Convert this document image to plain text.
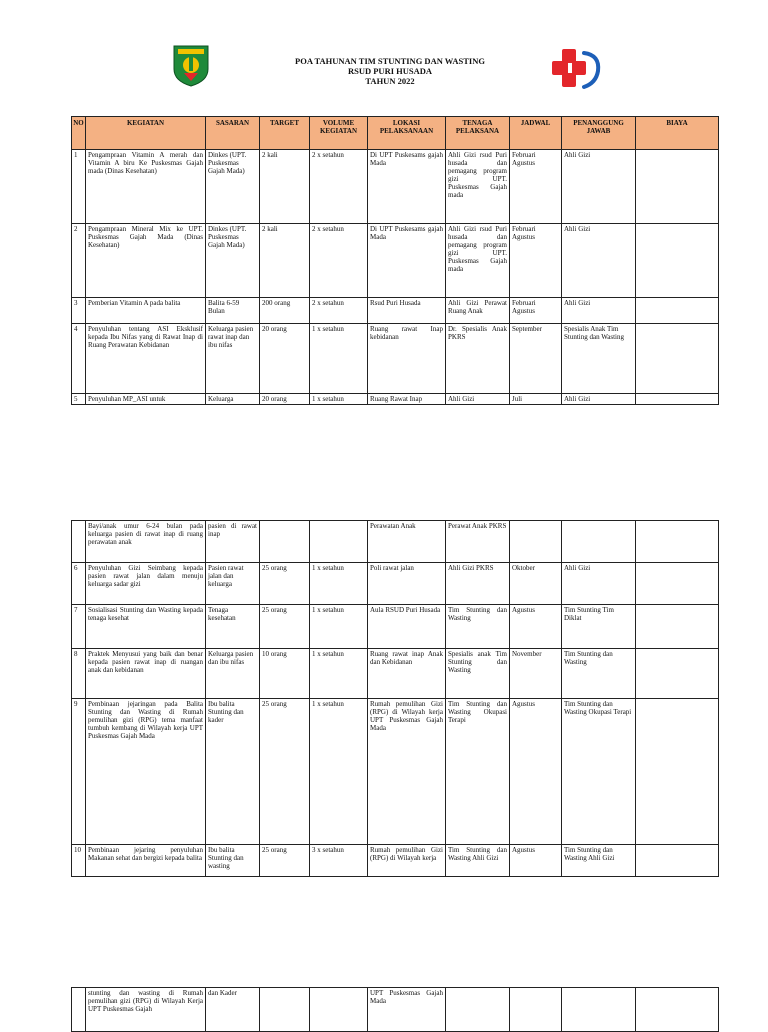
POA TAHUNAN TIM STUNTING DAN WASTING
RSUD PURI HUSADA
TAHUN 2022
NO	KEGIATAN	SASARAN	TARGET	VOLUME KEGIATAN	LOKASI PELAKSANAAN	TENAGA PELAKSANA	JADWAL	PENANGGUNG JAWAB	BIAYA
1	Pengampraan Vitamin A merah dan Vitamin A biru Ke Puskesmas Gajah mada (Dinas Kesehatan)	Dinkes (UPT. Puskesmas Gajah Mada)	2 kali	2 x setahun	Di UPT Puskesams gajah Mada	Ahli Gizi rsud Puri husada dan pemagang program gizi UPT. Puskesmas Gajah mada	Februari Agustus	Ahli Gizi	
2	Pengampraan Mineral Mix ke UPT. Puskesmas Gajah Mada (Dinas Kesehatan)	Dinkes (UPT. Puskesmas Gajah Mada)	2 kali	2 x setahun	Di UPT Puskesams gajah Mada	Ahli Gizi rsud Puri husada dan pemagang program gizi UPT. Puskesmas Gajah mada	Februari Agustus	Ahli Gizi	
3	Pemberian Vitamin A pada balita	Balita 6-59 Bulan	200 orang	2 x setahun	Rsud Puri Husada	Ahli Gizi Perawat Ruang Anak	Februari Agustus	Ahli Gizi	
4	Penyuluhan tentang ASI Eksklusif kepada Ibu Nifas yang di Rawat Inap di Ruang Perawatan Kebidanan	Keluarga pasien rawat inap dan ibu nifas	20 orang	1 x setahun	Ruang rawat Inap kebidanan	Dr. Spesialis Anak PKRS	September	Spesialis Anak Tim Stunting dan Wasting	
5	Penyuluhan MP_ASI untuk	Keluarga	20 orang	1 x setahun	Ruang Rawat Inap	Ahli Gizi	Juli	Ahli Gizi	
	Bayi/anak umur 6-24 bulan pada keluarga pasien di rawat inap di ruang perawatan anak	pasien di rawat inap			Perawatan Anak	Perawat Anak PKRS			
6	Penyuluhan Gizi Seimbang kepada pasien rawat jalan dalam menuju keluarga sadar gizi	Pasien rawat jalan dan keluarga	25 orang	1 x setahun	Poli rawat jalan	Ahli Gizi PKRS	Oktober	Ahli Gizi	
7	Sosialisasi Stunting dan Wasting kepada tenaga kesehat	Tenaga kesehatan	25 orang	1 x setahun	Aula RSUD Puri Husada	Tim Stunting dan Wasting	Agustus	Tim Stunting Tim Diklat	
8	Praktek Menyusui yang baik dan benar kepada pasien rawat inap di ruangan anak dan kebidanan	Keluarga pasien dan ibu nifas	10 orang	1 x setahun	Ruang rawat inap Anak dan Kebidanan	Spesialis anak Tim Stunting dan Wasting	November	Tim Stunting dan Wasting	
9	Pembinaan jejaringan pada Balita Stunting dan Wasting di Rumah pemulihan gizi (RPG) tema manfaat tumbuh kembang di Wilayah kerja UPT Puskesmas Gajah Mada	Ibu balita Stunting dan kader	25 orang	1 x setahun	Rumah pemulihan Gizi (RPG) di Wilayah kerja UPT Puskesmas Gajah Mada	Tim Stunting dan Wasting Okupasi Terapi	Agustus	Tim Stunting dan Wasting Okupasi Terapi	
10	Pembinaan jejaring penyuluhan Makanan sehat dan bergizi kepada balita	Ibu balita Stunting dan wasting	25 orang	3 x setahun	Rumah pemulihan Gizi (RPG) di Wilayah kerja	Tim Stunting dan Wasting Ahli Gizi	Agustus	Tim Stunting dan Wasting Ahli Gizi	
	stunting dan wasting di Rumah pemulihan gizi (RPG) di Wilayah Kerja UPT Puskesmas Gajah	dan Kader			UPT Puskesmas Gajah Mada				
